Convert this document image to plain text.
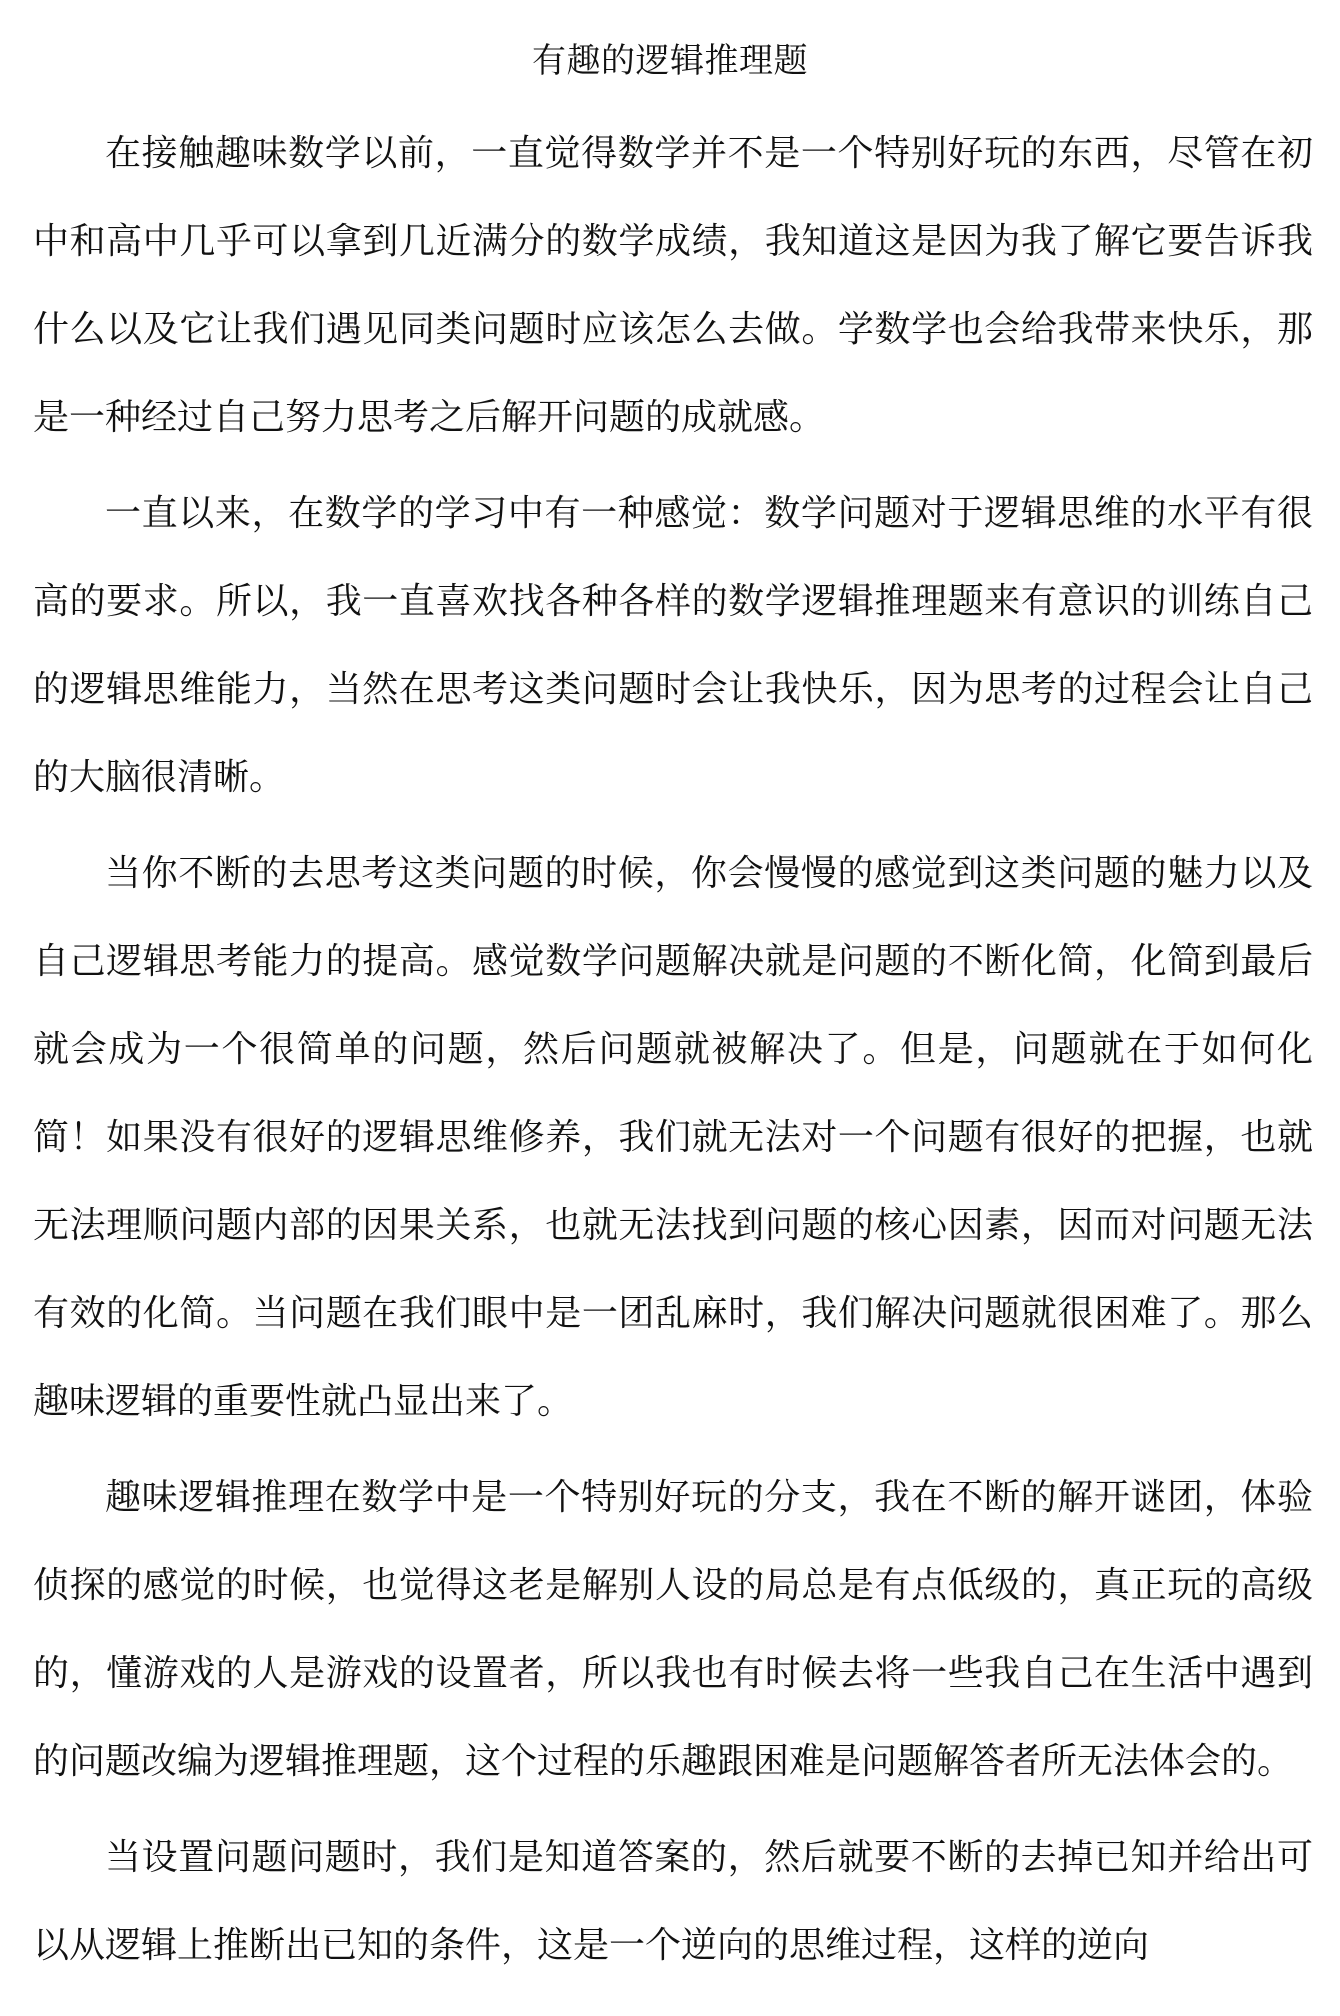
有趣的逻辑推理题

在接触趣味数学以前，一直觉得数学并不是一个特别好玩的东西，尽管在初中和高中几乎可以拿到几近满分的数学成绩，我知道这是因为我了解它要告诉我什么以及它让我们遇见同类问题时应该怎么去做。学数学也会给我带来快乐，那是一种经过自己努力思考之后解开问题的成就感。

一直以来，在数学的学习中有一种感觉：数学问题对于逻辑思维的水平有很高的要求。所以，我一直喜欢找各种各样的数学逻辑推理题来有意识的训练自己的逻辑思维能力，当然在思考这类问题时会让我快乐，因为思考的过程会让自己的大脑很清晰。

当你不断的去思考这类问题的时候，你会慢慢的感觉到这类问题的魅力以及自己逻辑思考能力的提高。感觉数学问题解决就是问题的不断化简，化简到最后就会成为一个很简单的问题，然后问题就被解决了。但是，问题就在于如何化简！如果没有很好的逻辑思维修养，我们就无法对一个问题有很好的把握，也就无法理顺问题内部的因果关系，也就无法找到问题的核心因素，因而对问题无法有效的化简。当问题在我们眼中是一团乱麻时，我们解决问题就很困难了。那么趣味逻辑的重要性就凸显出来了。

趣味逻辑推理在数学中是一个特别好玩的分支，我在不断的解开谜团，体验侦探的感觉的时候，也觉得这老是解别人设的局总是有点低级的，真正玩的高级的，懂游戏的人是游戏的设置者，所以我也有时候去将一些我自己在生活中遇到的问题改编为逻辑推理题，这个过程的乐趣跟困难是问题解答者所无法体会的。

当设置问题问题时，我们是知道答案的，然后就要不断的去掉已知并给出可以从逻辑上推断出已知的条件，这是一个逆向的思维过程，这样的逆向
